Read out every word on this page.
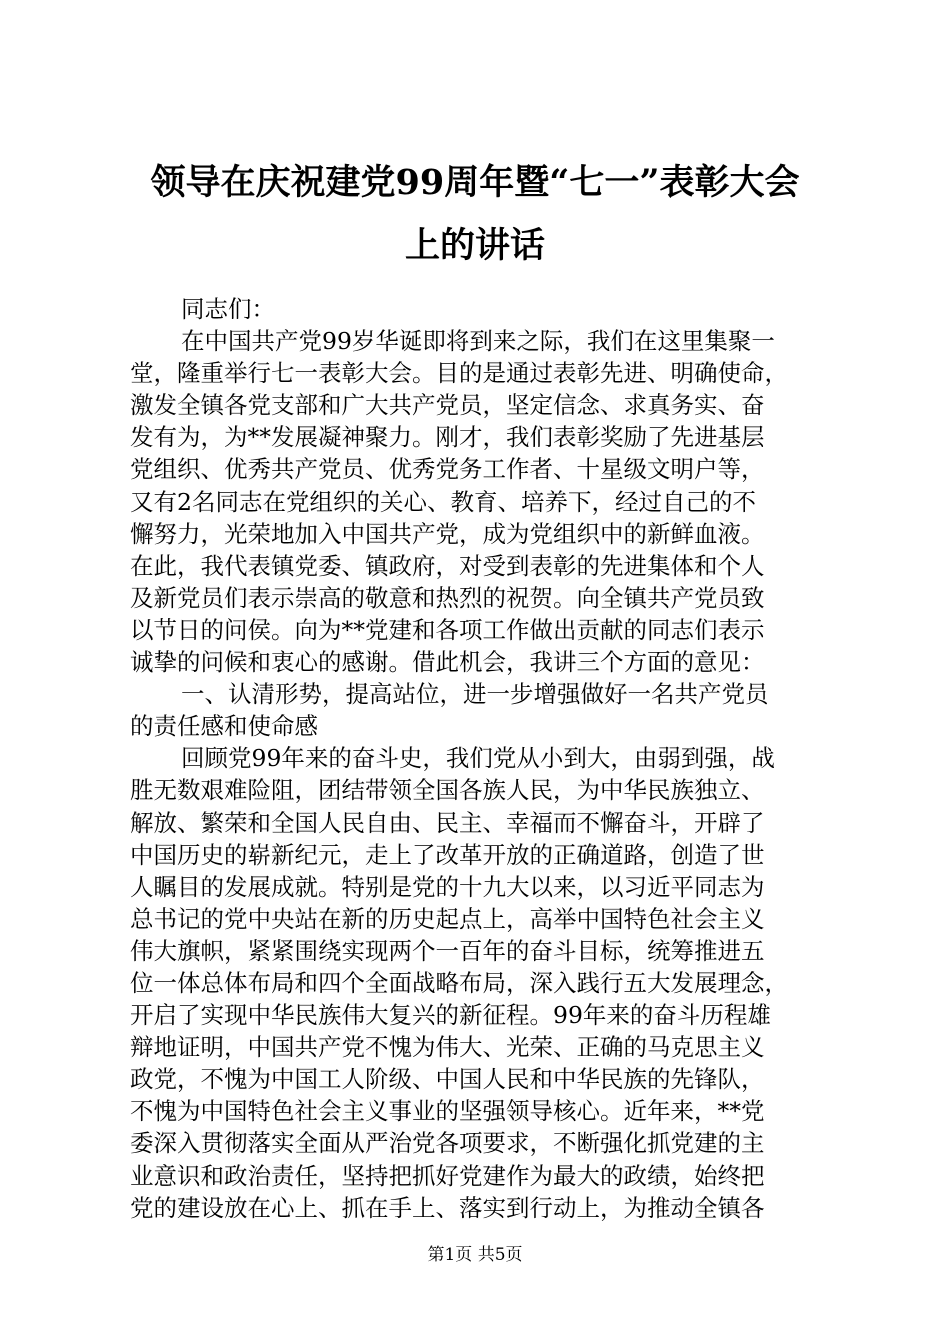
领导在庆祝建党99周年暨“七一”表彰大会
上的讲话
同志们：
在中国共产党99岁华诞即将到来之际，我们在这里集聚一
堂，隆重举行七一表彰大会。目的是通过表彰先进、明确使命，
激发全镇各党支部和广大共产党员，坚定信念、求真务实、奋
发有为，为**发展凝神聚力。刚才，我们表彰奖励了先进基层
党组织、优秀共产党员、优秀党务工作者、十星级文明户等，
又有2名同志在党组织的关心、教育、培养下，经过自己的不
懈努力，光荣地加入中国共产党，成为党组织中的新鲜血液。
在此，我代表镇党委、镇政府，对受到表彰的先进集体和个人
及新党员们表示崇高的敬意和热烈的祝贺。向全镇共产党员致
以节日的问侯。向为**党建和各项工作做出贡献的同志们表示
诚挚的问候和衷心的感谢。借此机会，我讲三个方面的意见：
一、认清形势，提高站位，进一步增强做好一名共产党员
的责任感和使命感
回顾党99年来的奋斗史，我们党从小到大，由弱到强，战
胜无数艰难险阻，团结带领全国各族人民，为中华民族独立、
解放、繁荣和全国人民自由、民主、幸福而不懈奋斗，开辟了
中国历史的崭新纪元，走上了改革开放的正确道路，创造了世
人瞩目的发展成就。特别是党的十九大以来，以习近平同志为
总书记的党中央站在新的历史起点上，高举中国特色社会主义
伟大旗帜，紧紧围绕实现两个一百年的奋斗目标，统筹推进五
位一体总体布局和四个全面战略布局，深入践行五大发展理念，
开启了实现中华民族伟大复兴的新征程。99年来的奋斗历程雄
辩地证明，中国共产党不愧为伟大、光荣、正确的马克思主义
政党，不愧为中国工人阶级、中国人民和中华民族的先锋队，
不愧为中国特色社会主义事业的坚强领导核心。近年来，**党
委深入贯彻落实全面从严治党各项要求，不断强化抓党建的主
业意识和政治责任，坚持把抓好党建作为最大的政绩，始终把
党的建设放在心上、抓在手上、落实到行动上，为推动全镇各
第1页 共5页
